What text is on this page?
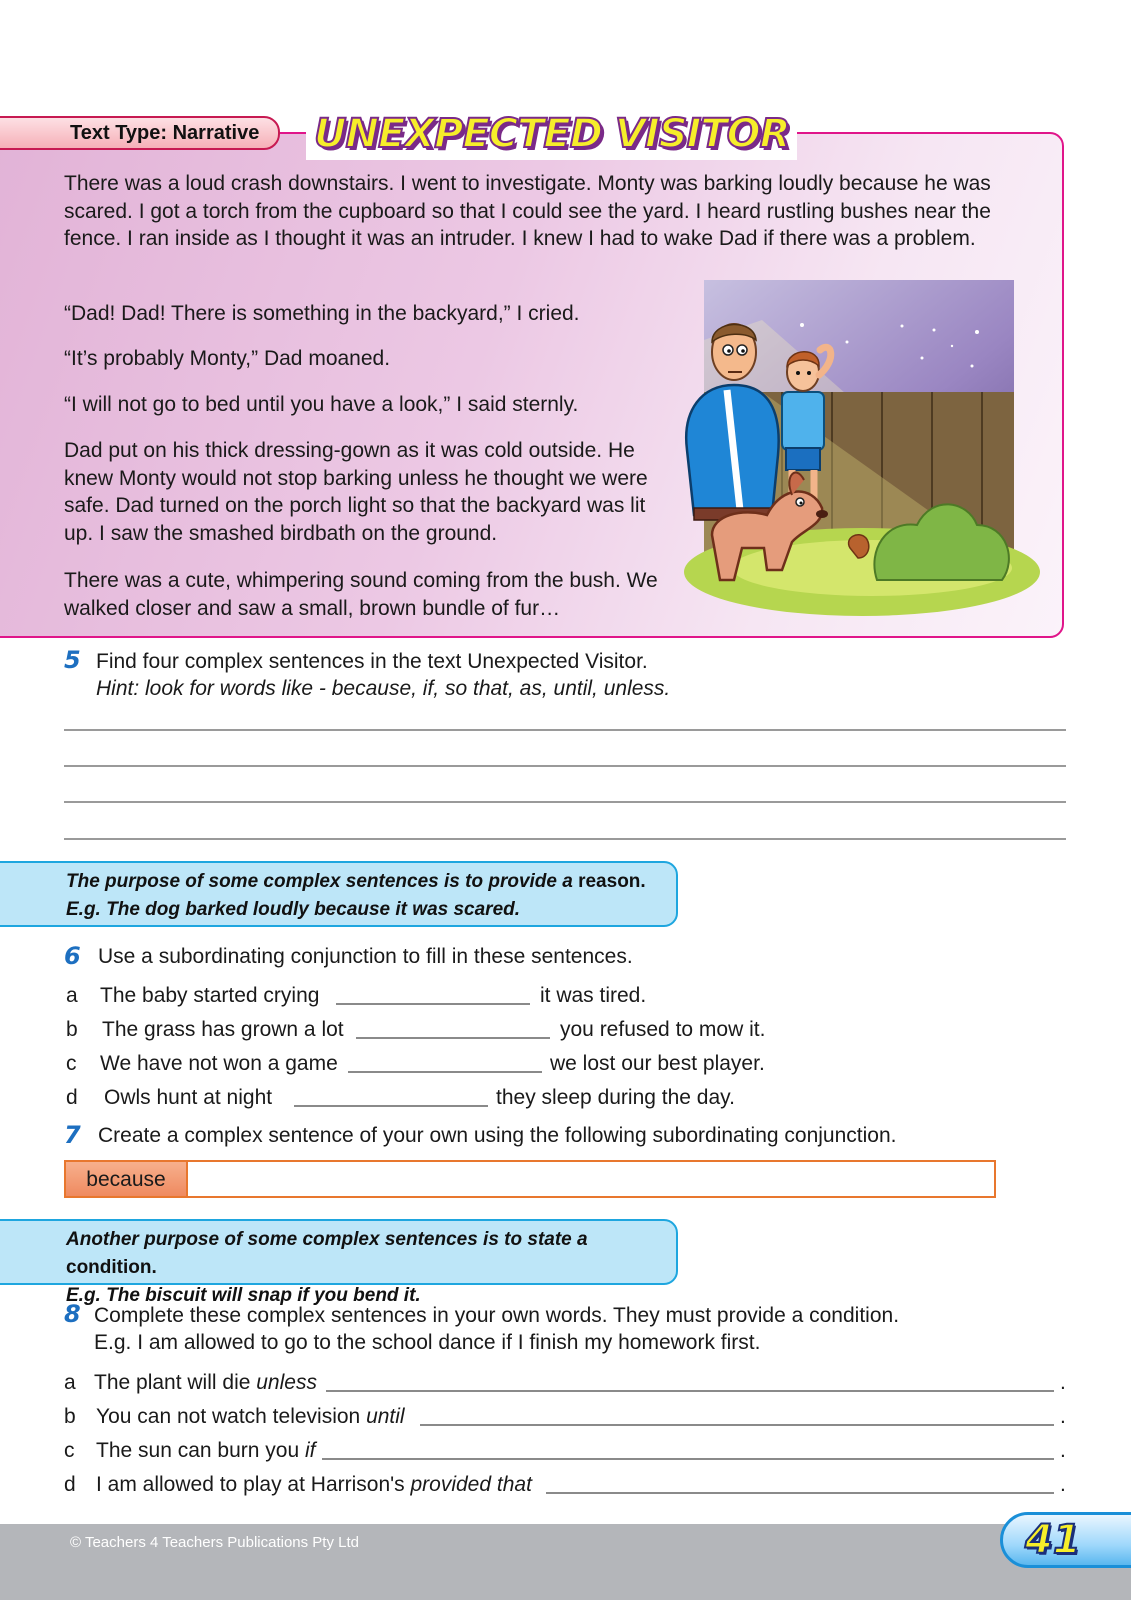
Text Type: Narrative	UNEXPECTED VISITOR
There was a loud crash downstairs. I went to investigate. Monty was barking loudly because he was scared. I got a torch from the cupboard so that I could see the yard. I heard rustling bushes near the fence. I ran inside as I thought it was an intruder. I knew I had to wake Dad if there was a problem.
“Dad! Dad! There is something in the backyard,” I cried.
“It’s probably Monty,” Dad moaned.
“I will not go to bed until you have a look,” I said sternly.
Dad put on his thick dressing-gown as it was cold outside. He knew Monty would not stop barking unless he thought we were safe. Dad turned on the porch light so that the backyard was lit up. I saw the smashed birdbath on the ground.
There was a cute, whimpering sound coming from the bush. We walked closer and saw a small, brown bundle of fur…
5 Find four complex sentences in the text Unexpected Visitor.
Hint: look for words like - because, if, so that, as, until, unless.
The purpose of some complex sentences is to provide a reason.
E.g. The dog barked loudly because it was scared.
6 Use a subordinating conjunction to fill in these sentences.
a	The baby started crying	it was tired.
b	The grass has grown a lot	you refused to mow it.
c	We have not won a game	we lost our best player.
d	Owls hunt at night	they sleep during the day.
7 Create a complex sentence of your own using the following subordinating conjunction.
because
Another purpose of some complex sentences is to state a condition.
E.g. The biscuit will snap if you bend it.
8 Complete these complex sentences in your own words. They must provide a condition.
E.g. I am allowed to go to the school dance if I finish my homework first.
a The plant will die unless	.
b You can not watch television until	.
c	The sun can burn you if	.
d I am allowed to play at Harrison's provided that	.
© Teachers 4 Teachers Publications Pty Ltd	41
